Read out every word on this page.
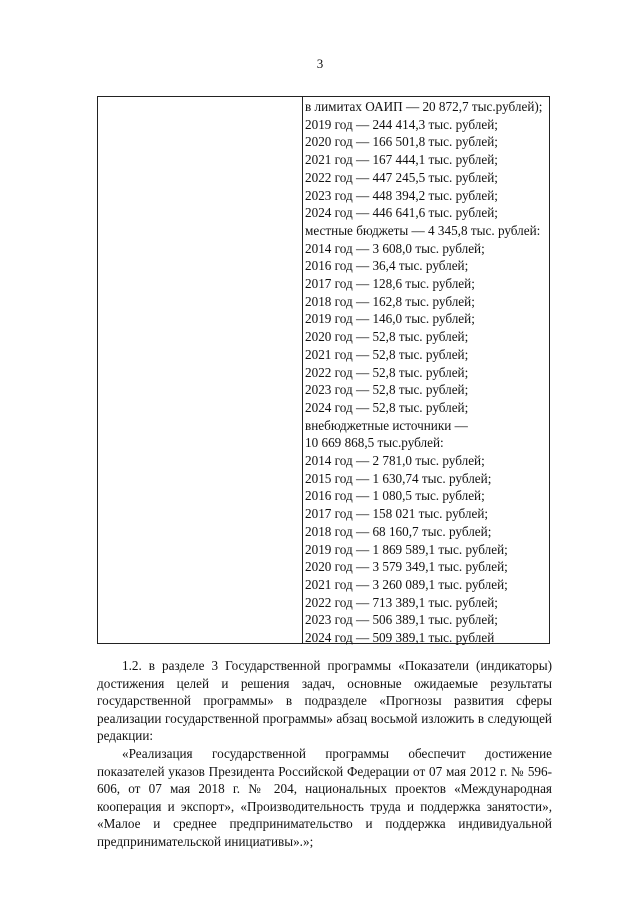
3
в лимитах ОАИП — 20 872,7 тыс.рублей);
2019 год — 244 414,3 тыс. рублей;
2020 год — 166 501,8 тыс. рублей;
2021 год — 167 444,1 тыс. рублей;
2022 год — 447 245,5 тыс. рублей;
2023 год — 448 394,2 тыс. рублей;
2024 год — 446 641,6 тыс. рублей;
местные бюджеты — 4 345,8 тыс. рублей:
2014 год — 3 608,0 тыс. рублей;
2016 год — 36,4 тыс. рублей;
2017 год — 128,6 тыс. рублей;
2018 год — 162,8 тыс. рублей;
2019 год — 146,0 тыс. рублей;
2020 год — 52,8 тыс. рублей;
2021 год — 52,8 тыс. рублей;
2022 год — 52,8 тыс. рублей;
2023 год — 52,8 тыс. рублей;
2024 год — 52,8 тыс. рублей;
внебюджетные источники —
10 669 868,5 тыс.рублей:
2014 год — 2 781,0 тыс. рублей;
2015 год — 1 630,74 тыс. рублей;
2016 год — 1 080,5 тыс. рублей;
2017 год — 158 021 тыс. рублей;
2018 год — 68 160,7 тыс. рублей;
2019 год — 1 869 589,1 тыс. рублей;
2020 год — 3 579 349,1 тыс. рублей;
2021 год — 3 260 089,1 тыс. рублей;
2022 год — 713 389,1 тыс. рублей;
2023 год — 506 389,1 тыс. рублей;
2024 год — 509 389,1 тыс. рублей

1.2. в разделе 3 Государственной программы «Показатели (индикаторы) достижения целей и решения задач, основные ожидаемые результаты государственной программы» в подразделе «Прогнозы развития сферы реализации государственной программы» абзац восьмой изложить в следующей редакции:

«Реализация государственной программы обеспечит достижение показателей указов Президента Российской Федерации от 07 мая 2012 г. № 596-606, от 07 мая 2018 г. № 204, национальных проектов «Международная кооперация и экспорт», «Производительность труда и поддержка занятости», «Малое и среднее предпринимательство и поддержка индивидуальной предпринимательской инициативы».»;
